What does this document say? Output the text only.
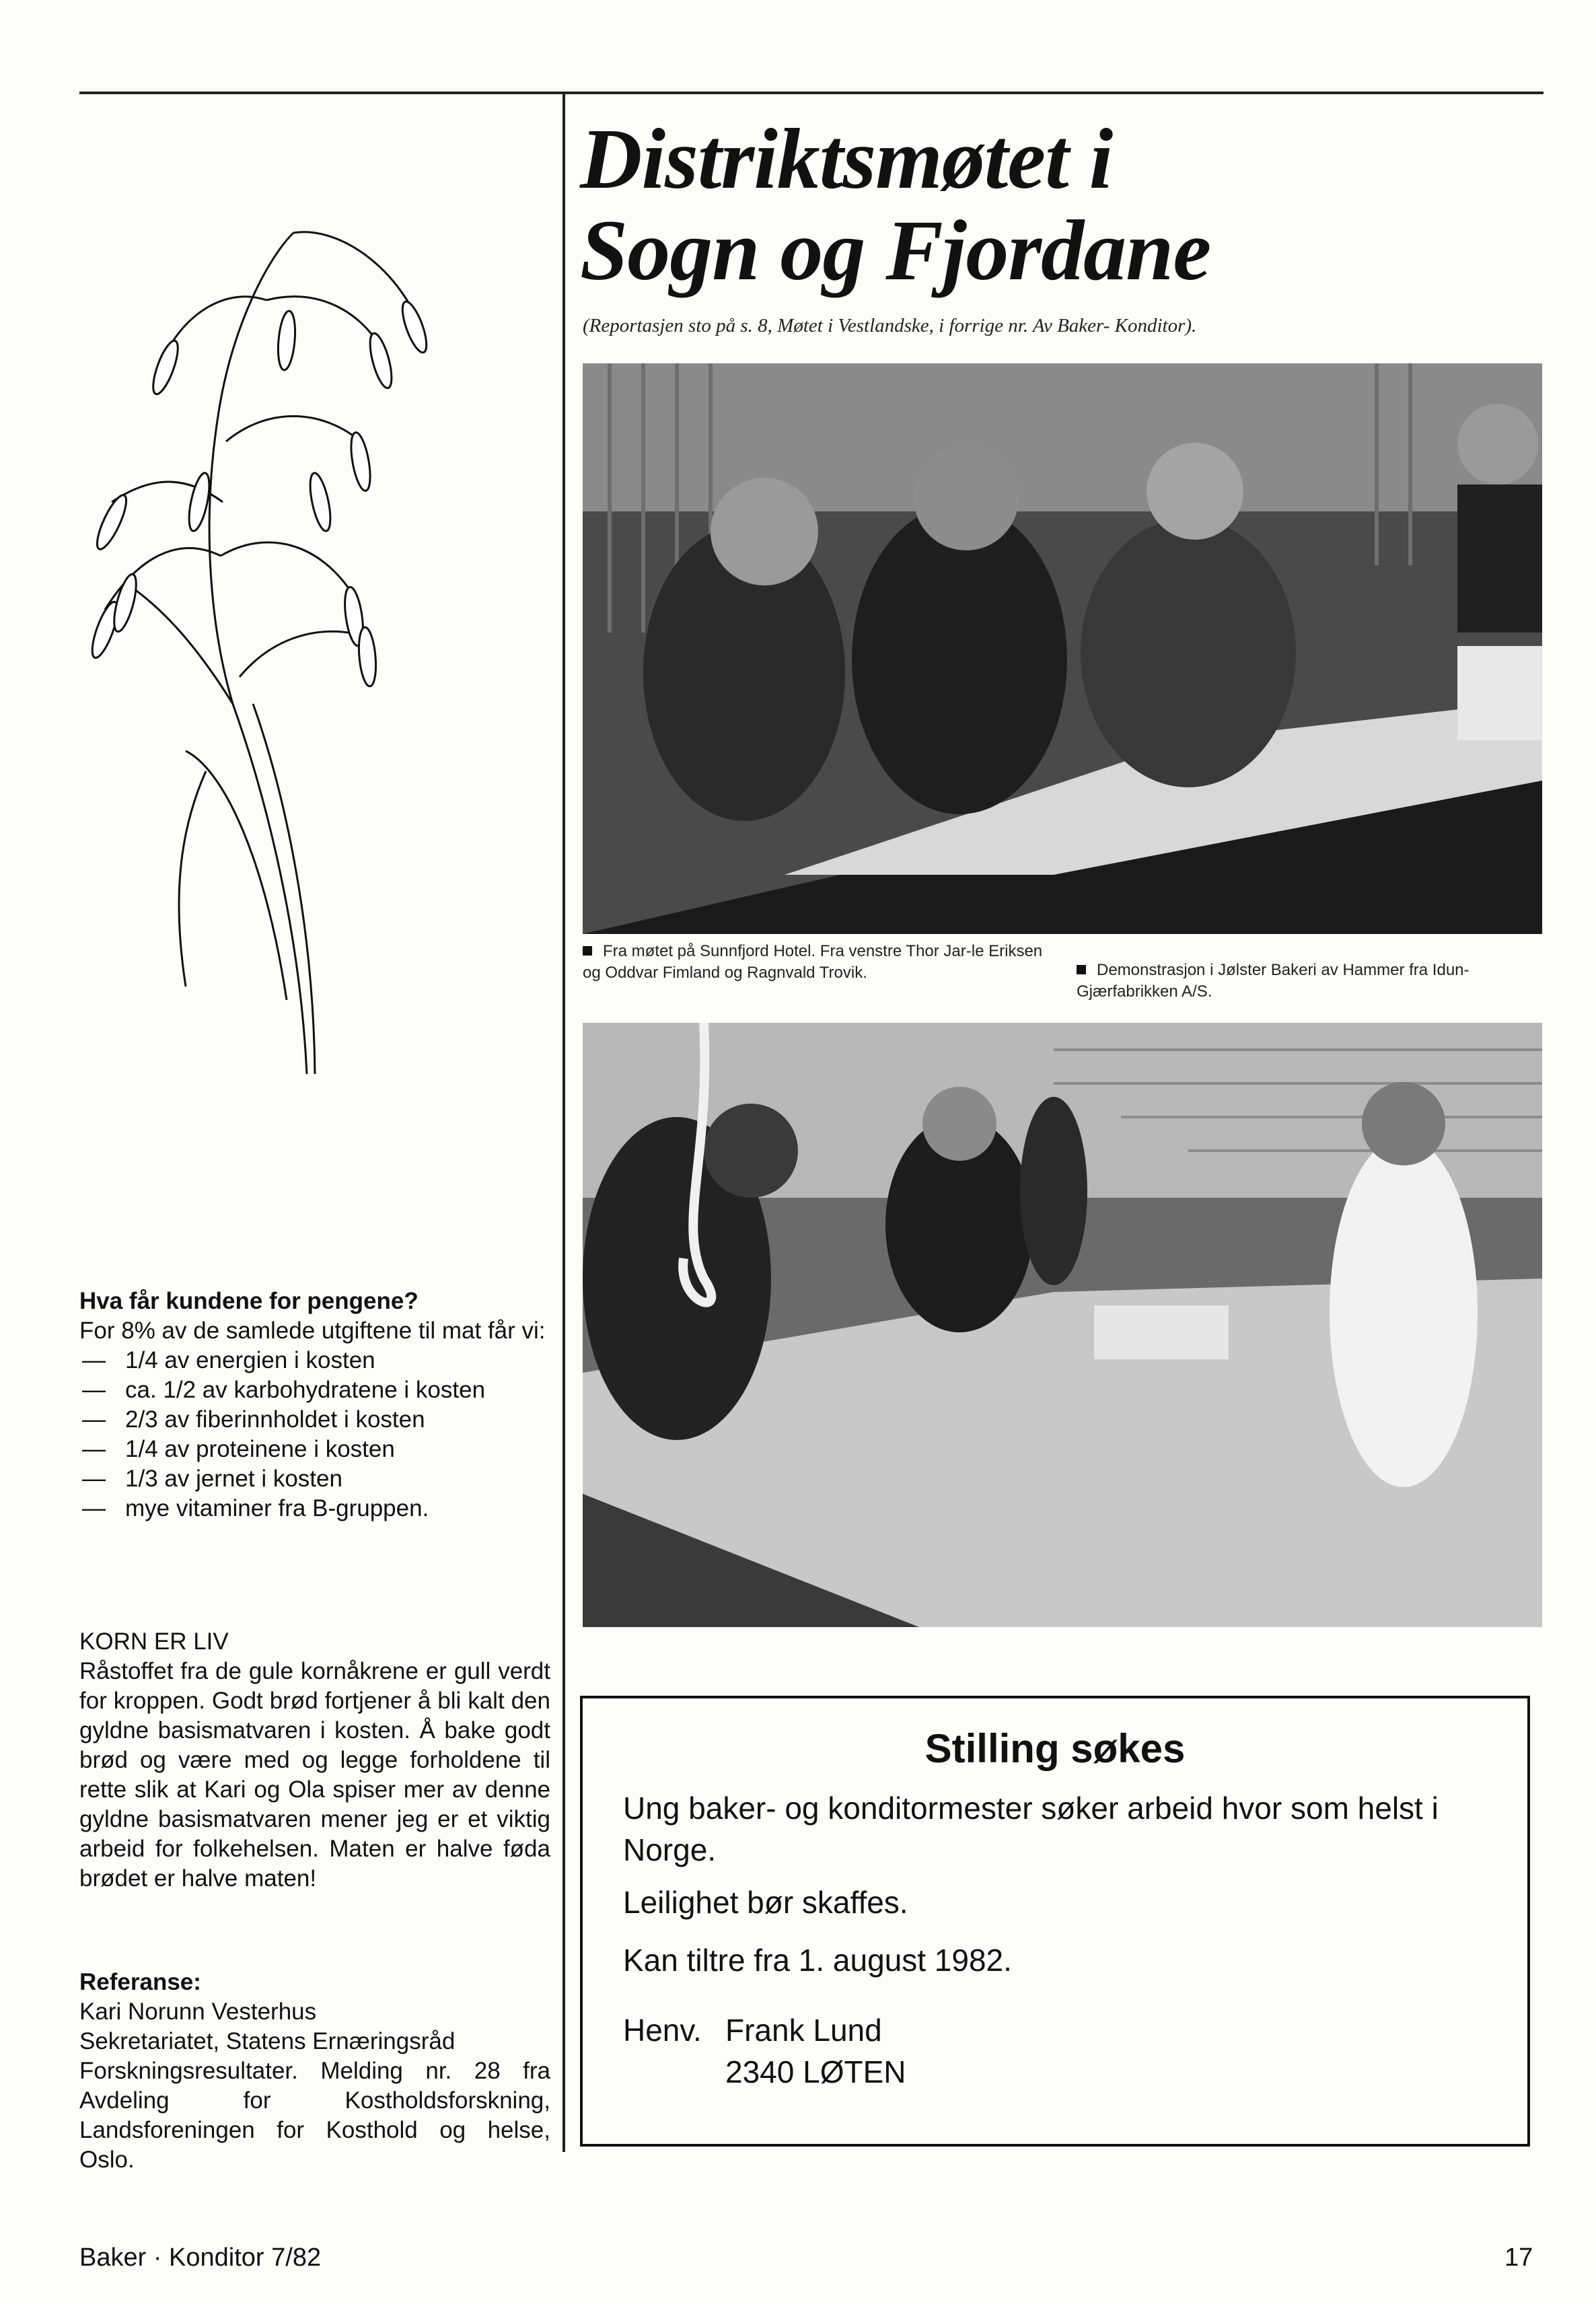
Distriktsmøtet i
Sogn og Fjordane
(Reportasjen sto på s. 8, Møtet i Vestlandske, i forrige nr. Av Baker- Konditor).
Fra møtet på Sunnfjord Hotel. Fra venstre Thor Jar-le Eriksen og Oddvar Fimland og Ragnvald Trovik.	Demonstrasjon i Jølster Bakeri av Hammer fra Idun-Gjærfabrikken A/S.
Hva får kundene for pengene?

For 8% av de samlede utgiftene til mat får vi:

— 1/4 av energien i kosten
— ca. 1/2 av karbohydratene i kosten
— 2/3 av fiberinnholdet i kosten
— 1/4 av proteinene i kosten
— 1/3 av jernet i kosten
— mye vitaminer fra B-gruppen.

KORN ER LIV

Råstoffet fra de gule kornåkrene er gull verdt for kroppen. Godt brød fortjener å bli kalt den gyldne basismatvaren i kosten. Å bake godt brød og være med og legge forholdene til rette slik at Kari og Ola spiser mer av denne gyldne basismatvaren mener jeg er et viktig arbeid for folkehelsen. Maten er halve føda brødet er halve maten!

Referanse:

Kari Norunn Vesterhus

Sekretariatet, Statens Ernæringsråd

Forskningsresultater. Melding nr. 28 fra Avdeling for Kostholdsforskning, Landsforeningen for Kosthold og helse, Oslo.

Stilling søkes
Ung baker- og konditormester søker arbeid hvor som helst i Norge.
Leilighet bør skaffes.
Kan tiltre fra 1. august 1982.
Henv. Frank Lund
2340 LØTEN
Baker · Konditor 7/82	17
